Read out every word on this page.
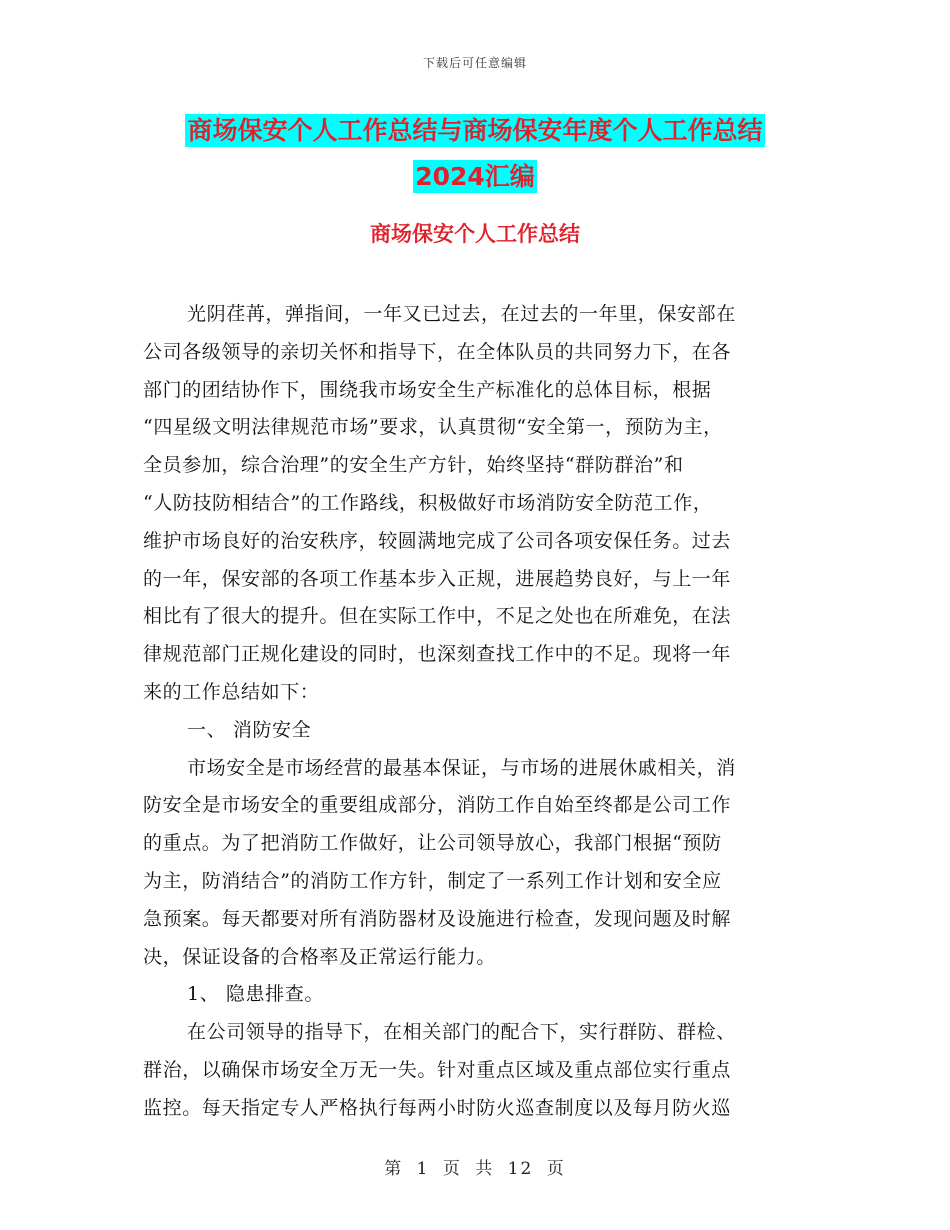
下载后可任意编辑
商场保安个人工作总结与商场保安年度个人工作总结
2024汇编
商场保安个人工作总结
光阴荏苒，弹指间，一年又已过去，在过去的一年里，保安部在
公司各级领导的亲切关怀和指导下，在全体队员的共同努力下，在各
部门的团结协作下，围绕我市场安全生产标准化的总体目标，根据
“四星级文明法律规范市场”要求，认真贯彻“安全第一，预防为主，
全员参加，综合治理”的安全生产方针，始终坚持“群防群治”和
“人防技防相结合”的工作路线，积极做好市场消防安全防范工作，
维护市场良好的治安秩序，较圆满地完成了公司各项安保任务。过去
的一年，保安部的各项工作基本步入正规，进展趋势良好，与上一年
相比有了很大的提升。但在实际工作中，不足之处也在所难免，在法
律规范部门正规化建设的同时，也深刻查找工作中的不足。现将一年
来的工作总结如下：
一、 消防安全
市场安全是市场经营的最基本保证，与市场的进展休戚相关，消
防安全是市场安全的重要组成部分，消防工作自始至终都是公司工作
的重点。为了把消防工作做好，让公司领导放心，我部门根据“预防
为主，防消结合”的消防工作方针，制定了一系列工作计划和安全应
急预案。每天都要对所有消防器材及设施进行检查，发现问题及时解
决，保证设备的合格率及正常运行能力。
1、 隐患排查。
在公司领导的指导下，在相关部门的配合下，实行群防、群检、
群治，以确保市场安全万无一失。针对重点区域及重点部位实行重点
监控。每天指定专人严格执行每两小时防火巡查制度以及每月防火巡
第 1 页 共 12 页
